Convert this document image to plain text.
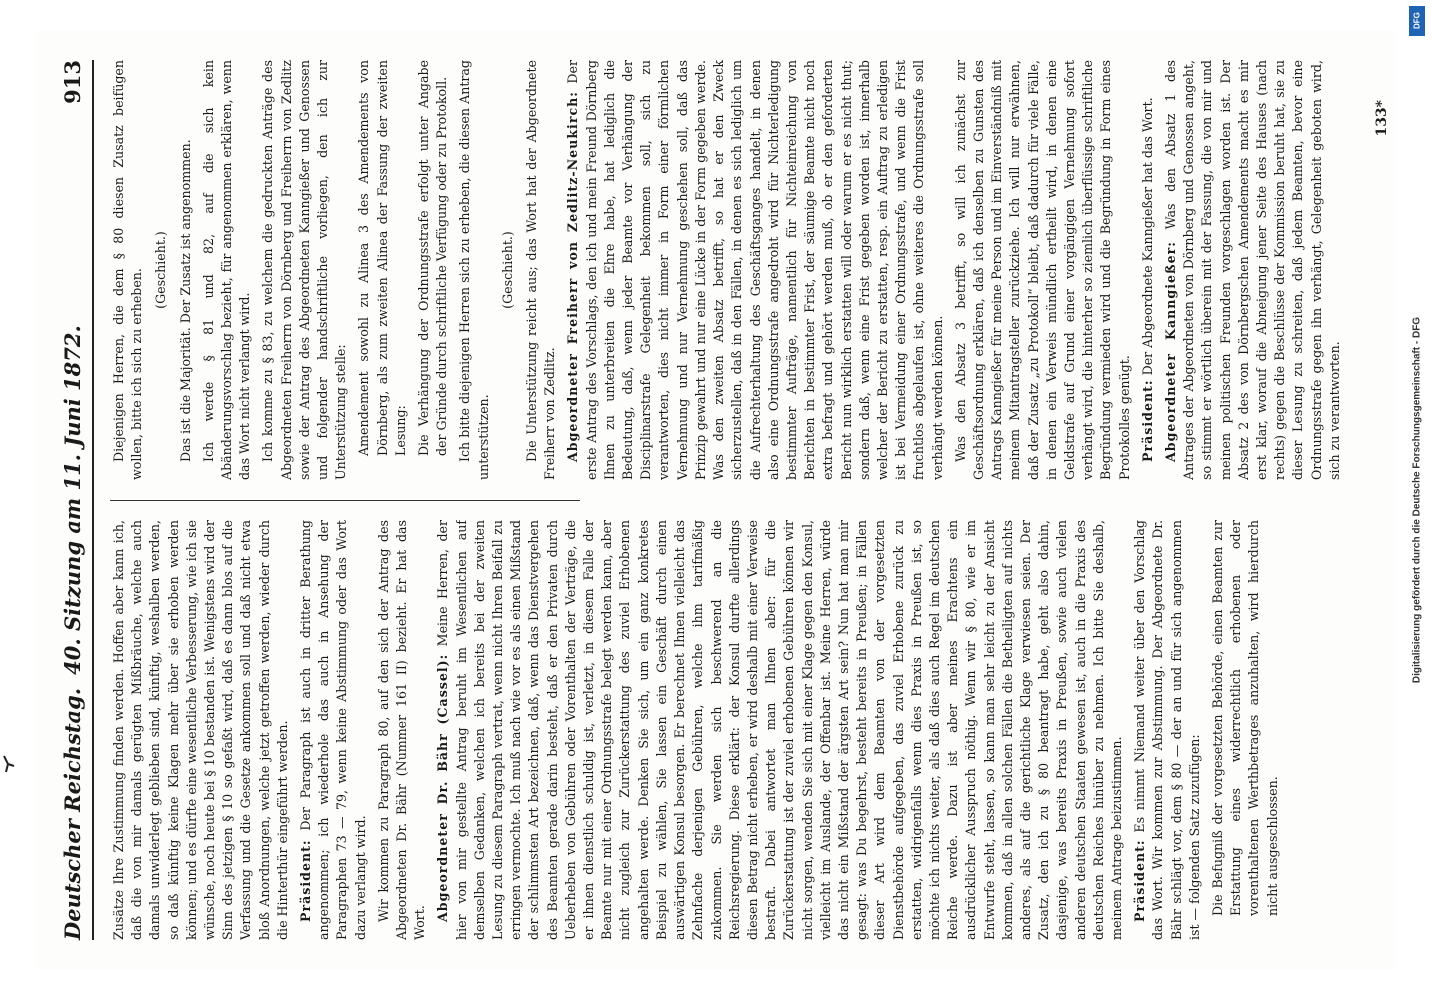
Deutscher Reichstag.
40. Sitzung am 11. Juni 1872.
913

Zusätze Ihre Zustimmung finden werden. Hoffen aber kann ich, daß die von mir damals gerügten Mißbräuche, welche auch damals unwiderlegt geblieben sind, künftig, weshalben werden, so daß künftig keine Klagen mehr über sie erhoben werden können; und es dürfte eine wesentliche Verbesserung, wie ich sie wünsche, noch heute bei § 10 bestanden ist. Wenigstens wird der Sinn des jetzigen § 10 so gefaßt wird, daß es dann blos auf die Verfassung und die Gesetze ankommen soll und daß nicht etwa bloß Anordnungen, welche jetzt getroffen werden, wieder durch die Hinterthür eingeführt werden. Präsident: Der Paragraph ist auch in dritter Berathung angenommen; ich wiederhole das auch in Ansehung der Paragraphen 73 — 79, wenn keine Abstimmung oder das Wort dazu verlangt wird. Wir kommen zu Paragraph 80, auf den sich der Antrag des Abgeordneten Dr. Bähr (Nummer 161 II) bezieht. Er hat das Wort.

Abgeordneter Dr. Bähr (Cassel): Meine Herren, der hier von mir gestellte Antrag beruht im Wesentlichen auf demselben Gedanken, welchen ich bereits bei der zweiten Lesung zu diesem Paragraph vertrat, wenn nicht Ihren Beifall zu erringen vermochte. Ich muß nach wie vor es als einen Mißstand der schlimmsten Art bezeichnen, daß, wenn das Dienstvergehen des Beamten gerade darin besteht, daß er den Privaten durch Ueberheben von Gebühren oder Vorenthalten der Verträge, die er ihnen dienstlich schuldig ist, verletzt, in diesem Falle der Beamte nur mit einer Ordnungsstrafe belegt werden kann, aber nicht zugleich zur Zurückerstattung des zuviel Erhobenen angehalten werde. Denken Sie sich, um ein ganz konkretes Beispiel zu wählen, Sie lassen ein Geschäft durch einen auswärtigen Konsul besorgen. Er berechnet Ihnen vielleicht das Zehnfache derjenigen Gebühren, welche ihm tarifmäßig zukommen. Sie werden sich beschwerend an die Reichsregierung. Diese erklärt: der Konsul durfte allerdings diesen Betrag nicht erheben, er wird deshalb mit einer Verweise bestraft. Dabei antwortet man Ihnen aber: für die Zurückerstattung ist der zuviel erhobenen Gebühren können wir nicht sorgen, wenden Sie sich mit einer Klage gegen den Konsul, vielleicht im Auslande, der Offenbar ist. Meine Herren, würde das nicht ein Mißstand der ärgsten Art sein? Nun hat man mir gesagt: was Du begehrst, besteht bereits in Preußen; in Fällen dieser Art wird dem Beamten von der vorgesetzten Dienstbehörde aufgegeben, das zuviel Erhobene zurück zu erstatten, widrigenfalls wenn dies Praxis in Preußen ist, so möchte ich nichts weiter, als daß dies auch Regel im deutschen Reiche werde. Dazu ist aber meines Erachtens ein ausdrücklicher Ausspruch nöthig. Wenn wir § 80, wie er im Entwurfe steht, lassen, so kann man sehr leicht zu der Ansicht kommen, daß in allen solchen Fällen die Betheiligten auf nichts anderes, als auf die gerichtliche Klage verwiesen seien. Der Zusatz, den ich zu § 80 beantragt habe, geht also dahin, dasjenige, was bereits Praxis in Preußen, sowie auch vielen anderen deutschen Staaten gewesen ist, auch in die Praxis des deutschen Reiches hinüber zu nehmen. Ich bitte Sie deshalb, meinem Antrage beizustimmen. Präsident: Es nimmt Niemand weiter über den Vorschlag das Wort. Wir kommen zur Abstimmung. Der Abgeordnete Dr. Bähr schlägt vor, dem § 80 — der an und für sich angenommen ist — folgenden Satz zuzufügen: Die Befugniß der vorgesetzten Behörde, einen Beamten zur Erstattung eines widerrechtlich erhobenen oder vorenthaltenen Werthbetrages anzuhalten, wird hierdurch nicht ausgeschlossen.

Diejenigen Herren, die dem § 80 diesen Zusatz beifügen wollen, bitte ich sich zu erheben. (Geschieht.) Das ist die Majorität. Der Zusatz ist angenommen. Ich werde § 81 und 82, auf die sich kein Abänderungsvorschlag bezieht, für angenommen erklären, wenn das Wort nicht verlangt wird. Ich komme zu § 83, zu welchem die gedruckten Anträge des Abgeordneten Freiherrn von Dörnberg und Freiherrn von Zedlitz sowie der Antrag des Abgeordneten Kanngießer und Genossen und folgender handschriftliche vorliegen, den ich zur Unterstützung stelle: Amendement sowohl zu Alinea 3 des Amendements von Dörnberg, als zum zweiten Alinea der Fassung der zweiten Lesung: Die Verhängung der Ordnungsstrafe erfolgt unter Angabe der Gründe durch schriftliche Verfügung oder zu Protokoll. Ich bitte diejenigen Herren sich zu erheben, die diesen Antrag unterstützen.

(Geschieht.) Die Unterstützung reicht aus; das Wort hat der Abgeordnete Freiherr von Zedlitz. Abgeordneter Freiherr von Zedlitz-Neukirch: Der erste Antrag des Vorschlags, den ich und mein Freund Dörnberg Ihnen zu unterbreiten die Ehre habe, hat lediglich die Bedeutung, daß, wenn jeder Beamte vor Verhängung der Disciplinarstrafe Gelegenheit bekommen soll, sich zu verantworten, dies nicht immer in Form einer förmlichen Vernehmung und nur Vernehmung geschehen soll, daß das Prinzip gewahrt und nur eine Lücke in der Form gegeben werde. Was den zweiten Absatz betrifft, so hat er den Zweck sicherzustellen, daß in den Fällen, in denen es sich lediglich um die Aufrechterhaltung des Geschäftsganges handelt, in denen also eine Ordnungsstrafe angedroht wird für Nichterledigung bestimmter Aufträge, namentlich für Nichteinreichung von Berichten in bestimmter Frist, der säumige Beamte nicht noch extra befragt und gehört werden muß, ob er den geforderten Bericht nun wirklich erstatten will oder warum er es nicht thut; sondern daß, wenn eine Frist gegeben worden ist, innerhalb welcher der Bericht zu erstatten, resp. ein Auftrag zu erledigen ist bei Vermeidung einer Ordnungsstrafe, und wenn die Frist fruchtlos abgelaufen ist, ohne weiteres die Ordnungsstrafe soll verhängt werden können. Was den Absatz 3 betrifft, so will ich zunächst zur Geschäftsordnung erklären, daß ich denselben zu Gunsten des Antrags Kanngießer für meine Person und im Einverständniß mit meinem Mitantragsteller zurückziehe. Ich will nur erwähnen, daß der Zusatz „zu Protokoll“ bleibt, daß dadurch für viele Fälle, in denen ein Verweis mündlich ertheilt wird, in denen eine Geldstrafe auf Grund einer vorgängigen Vernehmung sofort verhängt wird, die hinterher so ziemlich überflüssige schriftliche Begründung vermieden wird und die Begründung in Form eines Protokolles genügt. Präsident: Der Abgeordnete Kanngießer hat das Wort. Abgeordneter Kanngießer: Was den Absatz 1 des Antrages der Abgeordneten von Dörnberg und Genossen angeht, so stimmt er wörtlich überein mit der Fassung, die von mir und meinen politischen Freunden vorgeschlagen worden ist. Der Absatz 2 des von Dörnbergschen Amendements macht es mir erst klar, worauf die Abneigung jener Seite des Hauses (nach rechts) gegen die Beschlüsse der Kommission beruht hat, sie zu dieser Lesung zu schreiten, daß jedem Beamten, bevor eine Ordnungsstrafe gegen ihn verhängt, Gelegenheit geboten wird, sich zu verantworten.

133*
DFG
Digitalisierung gefördert durch die Deutsche Forschungsgemeinschaft - DFG
